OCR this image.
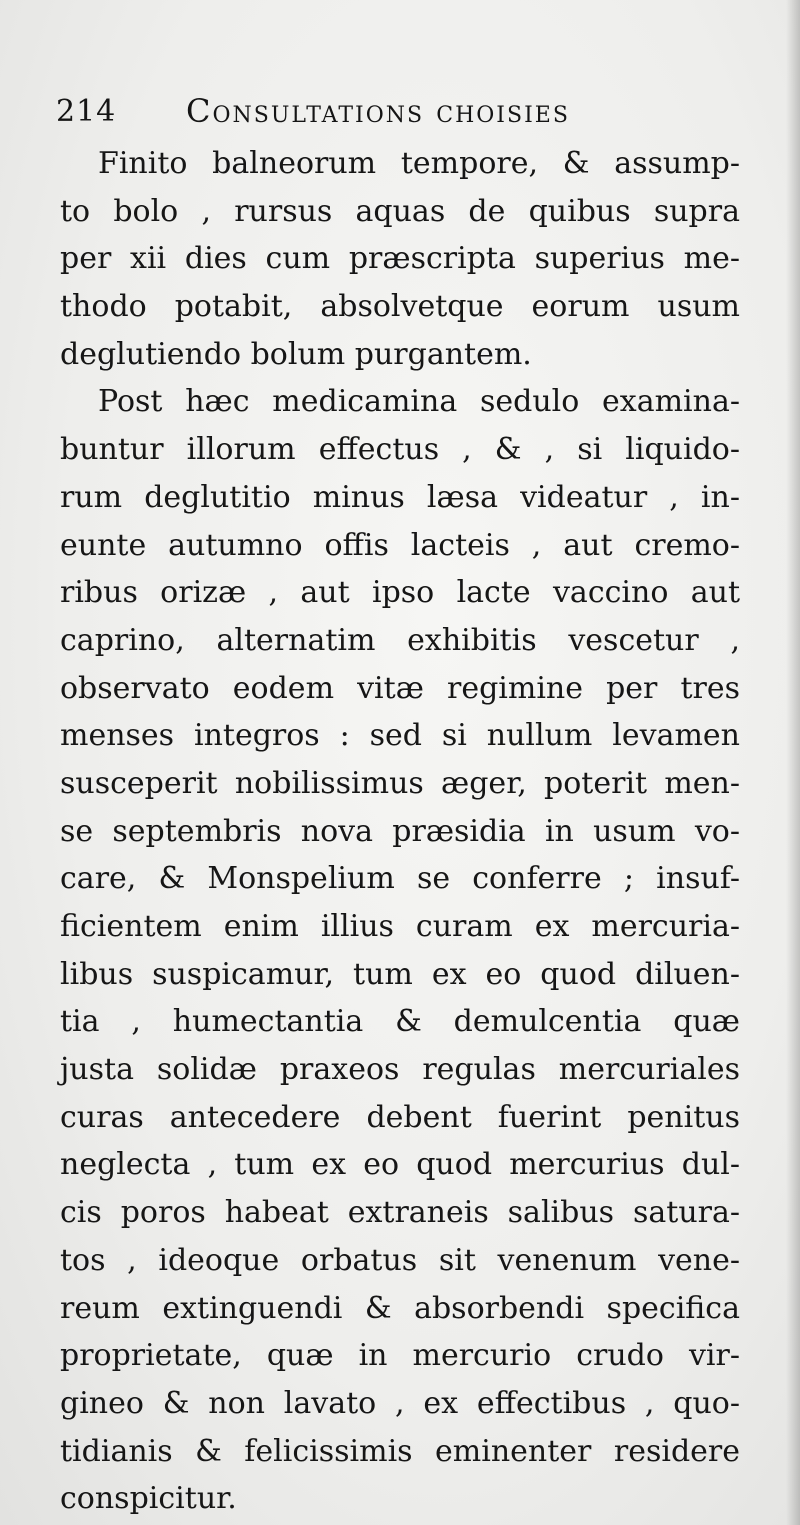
214 Consultations choisies
Finito balneorum tempore, & assump-
to bolo , rursus aquas de quibus supra
per xii dies cum præscripta superius me-
thodo potabit, absolvetque eorum usum
deglutiendo bolum purgantem.
Post hæc medicamina sedulo examina-
buntur illorum effectus , & , si liquido-
rum deglutitio minus læsa videatur , in-
eunte autumno offis lacteis , aut cremo-
ribus orizæ , aut ipso lacte vaccino aut
caprino, alternatim exhibitis vescetur ,
observato eodem vitæ regimine per tres
menses integros : sed si nullum levamen
susceperit nobilissimus æger, poterit men-
se septembris nova præsidia in usum vo-
care, & Monspelium se conferre ; insuf-
ficientem enim illius curam ex mercuria-
libus suspicamur, tum ex eo quod diluen-
tia , humectantia & demulcentia quæ
justa solidæ praxeos regulas mercuriales
curas antecedere debent fuerint penitus
neglecta , tum ex eo quod mercurius dul-
cis poros habeat extraneis salibus satura-
tos , ideoque orbatus sit venenum vene-
reum extinguendi & absorbendi specifica
proprietate, quæ in mercurio crudo vir-
gineo & non lavato , ex effectibus , quo-
tidianis & felicissimis eminenter residere
conspicitur.
